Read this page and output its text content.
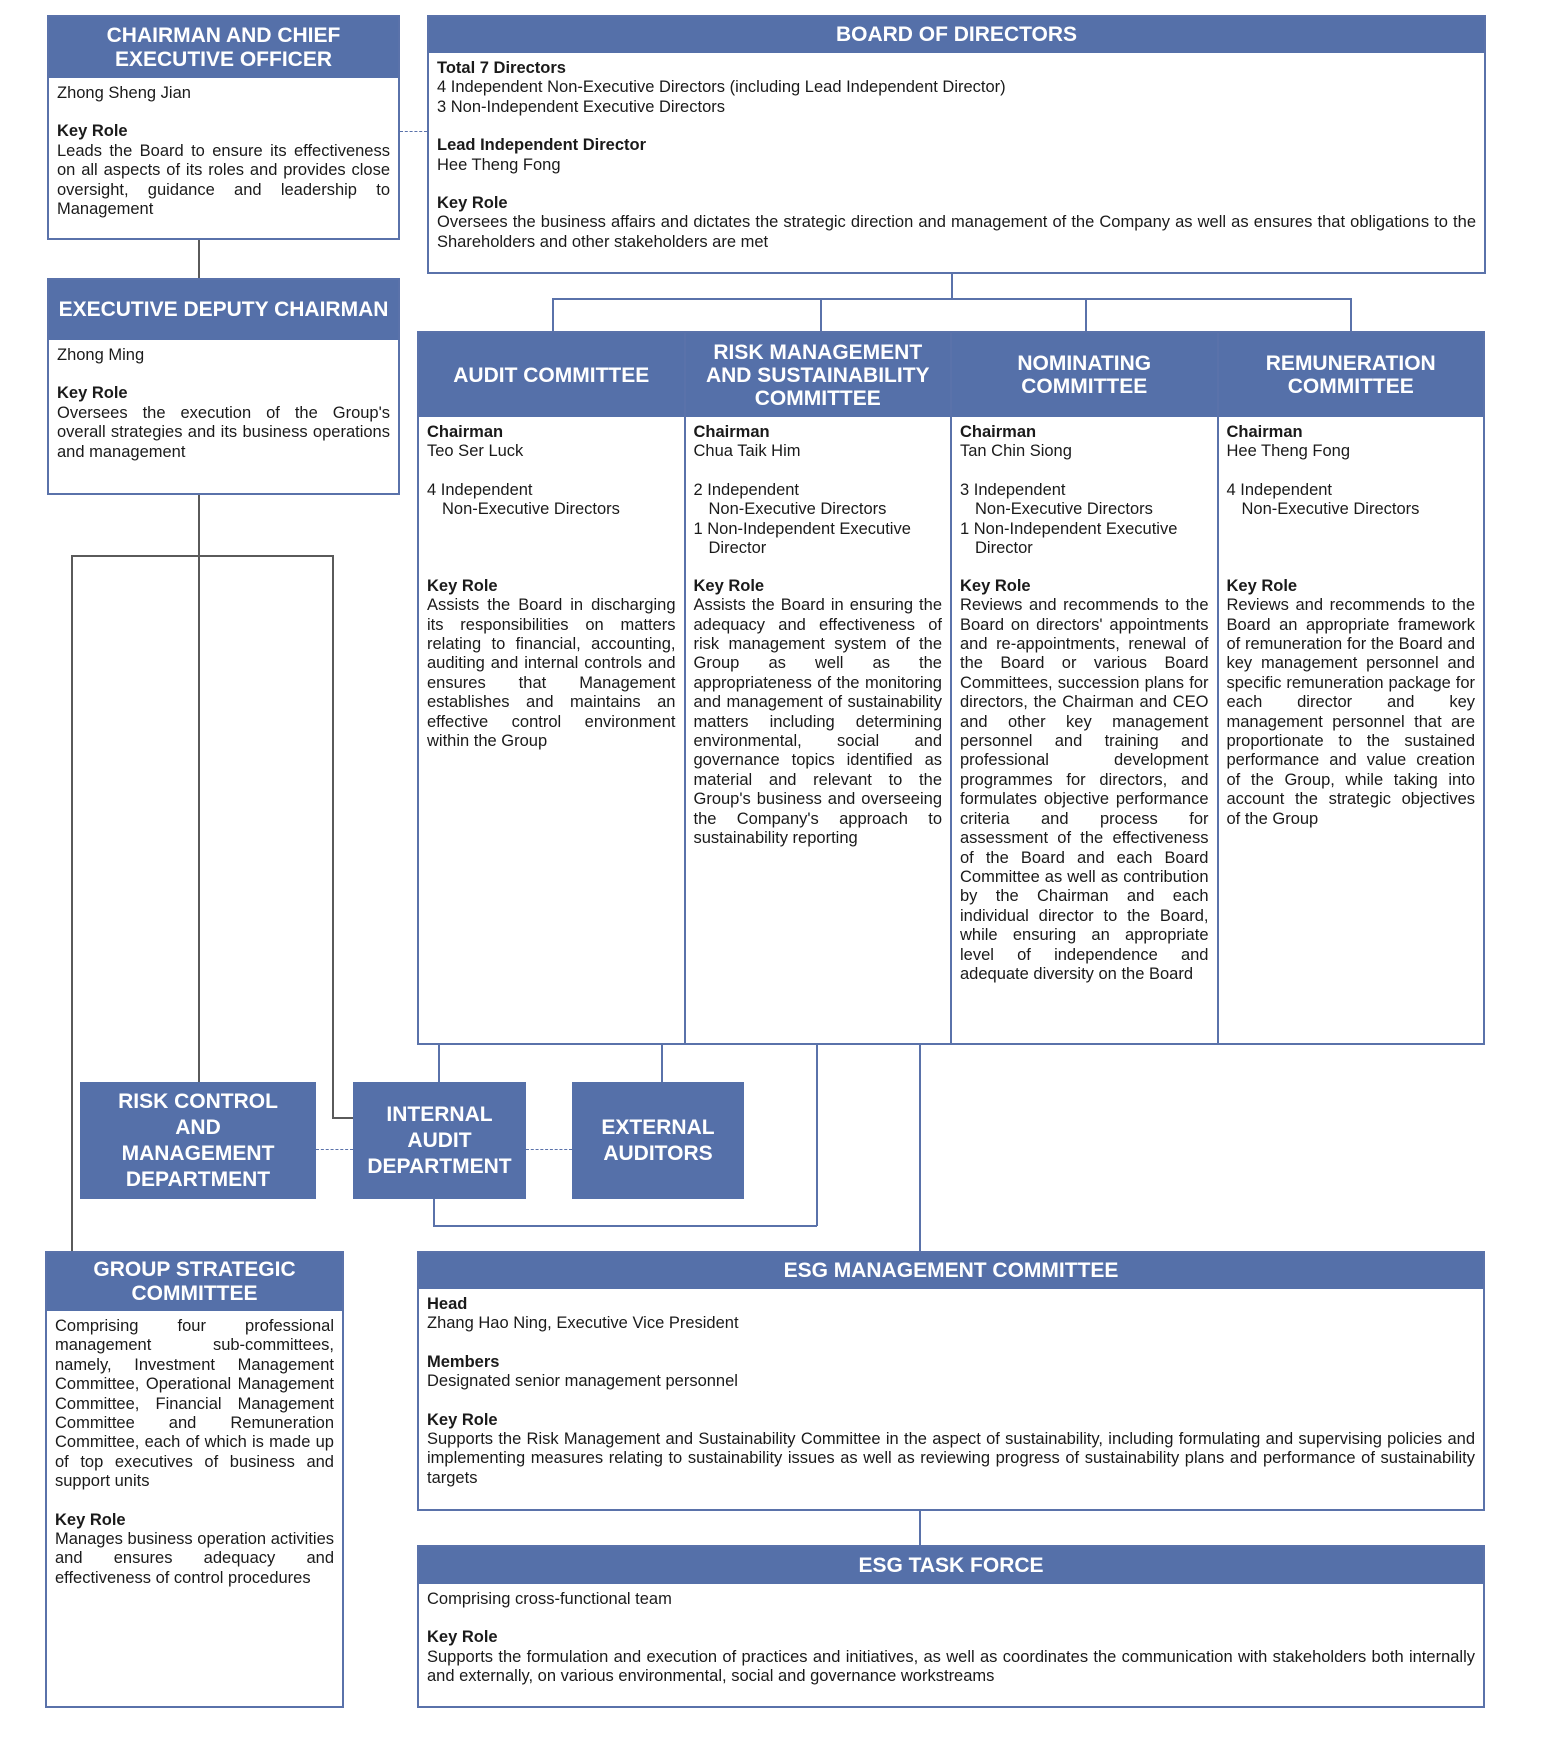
CHAIRMAN AND CHIEF EXECUTIVE OFFICER
Zhong Sheng Jian
Key Role

Leads the Board to ensure its effectiveness on all aspects of its roles and provides close oversight, guidance and leadership to Management

BOARD OF DIRECTORS
Total 7 Directors
4 Independent Non-Executive Directors (including Lead Independent Director)
3 Non-Independent Executive Directors
Lead Independent Director
Hee Theng Fong
Key Role

Oversees the business affairs and dictates the strategic direction and management of the Company as well as ensures that obligations to the Shareholders and other stakeholders are met

EXECUTIVE DEPUTY CHAIRMAN
Zhong Ming
Key Role

Oversees the execution of the Group's overall strategies and its business operations and management

AUDIT COMMITTEE
Chairman
Teo Ser Luck
4 Independent
Non-Executive Directors
Key Role

Assists the Board in discharging its responsibilities on matters relating to financial, accounting, auditing and internal controls and ensures that Management establishes and maintains an effective control environment within the Group

RISK MANAGEMENT AND SUSTAINABILITY COMMITTEE
Chairman
Chua Taik Him
2 Independent
Non-Executive Directors
1 Non-Independent Executive
Director
Key Role

Assists the Board in ensuring the adequacy and effectiveness of risk management system of the Group as well as the appropriateness of the monitoring and management of sustainability matters including determining environmental, social and governance topics identified as material and relevant to the Group's business and overseeing the Company's approach to sustainability reporting

NOMINATING COMMITTEE
Chairman
Tan Chin Siong
3 Independent
Non-Executive Directors
1 Non-Independent Executive
Director
Key Role

Reviews and recommends to the Board on directors' appointments and re-appointments, renewal of the Board or various Board Committees, succession plans for directors, the Chairman and CEO and other key management personnel and training and professional development programmes for directors, and formulates objective performance criteria and process for assessment of the effectiveness of the Board and each Board Committee as well as contribution by the Chairman and each individual director to the Board, while ensuring an appropriate level of independence and adequate diversity on the Board

REMUNERATION COMMITTEE
Chairman
Hee Theng Fong
4 Independent
Non-Executive Directors
Key Role

Reviews and recommends to the Board an appropriate framework of remuneration for the Board and key management personnel and specific remuneration package for each director and key management personnel that are proportionate to the sustained performance and value creation of the Group, while taking into account the strategic objectives of the Group

RISK CONTROL AND MANAGEMENT DEPARTMENT
INTERNAL AUDIT DEPARTMENT
EXTERNAL AUDITORS
GROUP STRATEGIC COMMITTEE

Comprising four professional management sub-committees, namely, Investment Management Committee, Operational Management Committee, Financial Management Committee and Remuneration Committee, each of which is made up of top executives of business and support units

Key Role

Manages business operation activities and ensures adequacy and effectiveness of control procedures

ESG MANAGEMENT COMMITTEE
Head
Zhang Hao Ning, Executive Vice President
Members
Designated senior management personnel
Key Role

Supports the Risk Management and Sustainability Committee in the aspect of sustainability, including formulating and supervising policies and implementing measures relating to sustainability issues as well as reviewing progress of sustainability plans and performance of sustainability targets

ESG TASK FORCE
Comprising cross-functional team
Key Role

Supports the formulation and execution of practices and initiatives, as well as coordinates the communication with stakeholders both internally and externally, on various environmental, social and governance workstreams
